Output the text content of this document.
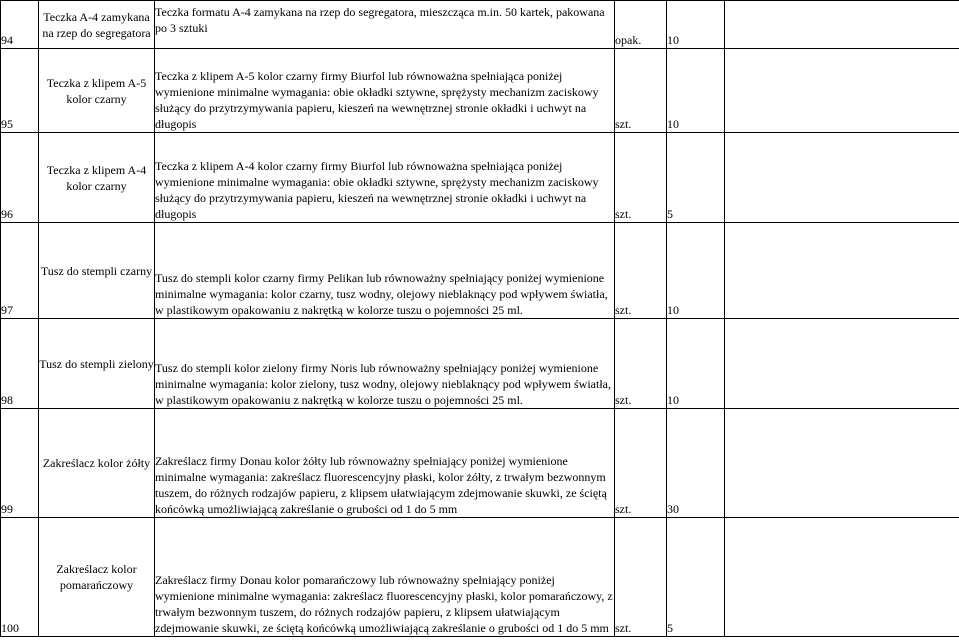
94	Teczka A-4 zamykana na rzep do segregatora	Teczka formatu A-4 zamykana na rzep do segregatora, mieszcząca m.in. 50 kartek, pakowana po 3 sztuki	opak.	10	
95	Teczka z klipem A-5 kolor czarny	Teczka z klipem A-5 kolor czarny firmy Biurfol lub równoważna spełniająca poniżej wymienione minimalne wymagania: obie okładki sztywne, sprężysty mechanizm zaciskowy służący do przytrzymywania papieru, kieszeń na wewnętrznej stronie okładki i uchwyt na długopis	szt.	10	
96	Teczka z klipem A-4 kolor czarny	Teczka z klipem A-4 kolor czarny firmy Biurfol lub równoważna spełniająca poniżej wymienione minimalne wymagania: obie okładki sztywne, sprężysty mechanizm zaciskowy służący do przytrzymywania papieru, kieszeń na wewnętrznej stronie okładki i uchwyt na długopis	szt.	5	
97	Tusz do stempli czarny	Tusz do stempli kolor czarny firmy Pelikan lub równoważny spełniający poniżej wymienione minimalne wymagania: kolor czarny, tusz wodny, olejowy nieblaknący pod wpływem światła, w plastikowym opakowaniu z nakrętką w kolorze tuszu o pojemności 25 ml.	szt.	10	
98	Tusz do stempli zielony	Tusz do stempli kolor zielony firmy Noris lub równoważny spełniający poniżej wymienione minimalne wymagania: kolor zielony, tusz wodny, olejowy nieblaknący pod wpływem światła, w plastikowym opakowaniu z nakrętką w kolorze tuszu o pojemności 25 ml.	szt.	10	
99	Zakreślacz kolor żółty	Zakreślacz firmy Donau kolor żółty lub równoważny spełniający poniżej wymienione minimalne wymagania: zakreślacz fluorescencyjny płaski, kolor żółty, z trwałym bezwonnym tuszem, do różnych rodzajów papieru, z klipsem ułatwiającym zdejmowanie skuwki, ze ściętą końcówką umożliwiającą zakreślanie o grubości od 1 do 5 mm	szt.	30	
100	Zakreślacz kolor pomarańczowy	Zakreślacz firmy Donau kolor pomarańczowy lub równoważny spełniający poniżej wymienione minimalne wymagania: zakreślacz fluorescencyjny płaski, kolor pomarańczowy, z trwałym bezwonnym tuszem, do różnych rodzajów papieru, z klipsem ułatwiającym zdejmowanie skuwki, ze ściętą końcówką umożliwiającą zakreślanie o grubości od 1 do 5 mm	szt.	5	
